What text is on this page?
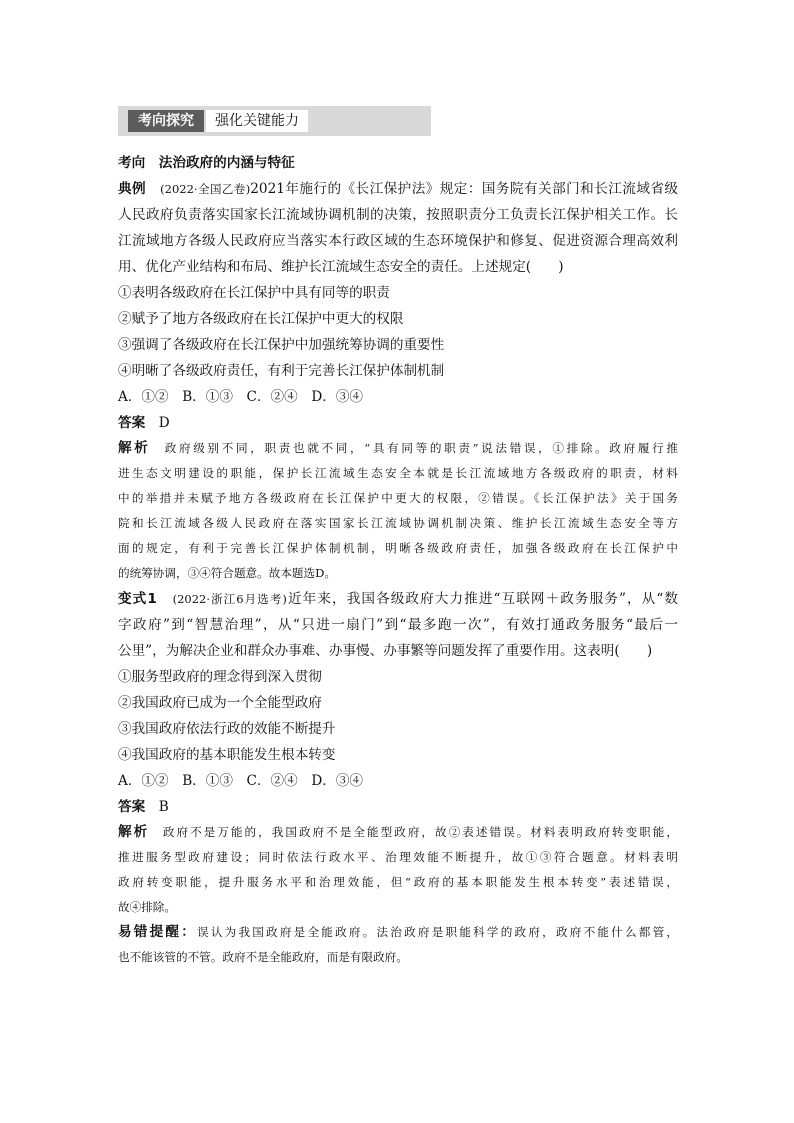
考向探究	强化关键能力
考向　 法治政府的内涵与特征
典例　 (2022·全国乙卷)2021年施行的《长江保护法》规定：国务院有关部门和长江流域省级
人民政府负责落实国家长江流域协调机制的决策，按照职责分工负责长江保护相关工作。长
江流域地方各级人民政府应当落实本行政区域的生态环境保护和修复、促进资源合理高效利
用、优化产业结构和布局、维护长江流域生态安全的责任。上述规定(　　)
①表明各级政府在长江保护中具有同等的职责
②赋予了地方各级政府在长江保护中更大的权限
③强调了各级政府在长江保护中加强统筹协调的重要性
④明晰了各级政府责任，有利于完善长江保护体制机制
A．①②　B．①③　C．②④　D．③④
答案　 D
解析　 政府级别不同，职责也就不同，“具有同等的职责”说法错误，①排除。政府履行推
进生态文明建设的职能，保护长江流域生态安全本就是长江流域地方各级政府的职责，材料
中的举措并未赋予地方各级政府在长江保护中更大的权限，②错误。《长江保护法》关于国务
院和长江流域各级人民政府在落实国家长江流域协调机制决策、维护长江流域生态安全等方
面的规定，有利于完善长江保护体制机制，明晰各级政府责任，加强各级政府在长江保护中
的统筹协调，③④符合题意。故本题选D。
变式1　 (2022·浙江6月选考)近年来，我国各级政府大力推进“互联网＋政务服务”，从“数
字政府”到“智慧治理”，从“只进一扇门”到“最多跑一次”，有效打通政务服务“最后一
公里”，为解决企业和群众办事难、办事慢、办事繁等问题发挥了重要作用。这表明(　　)
①服务型政府的理念得到深入贯彻
②我国政府已成为一个全能型政府
③我国政府依法行政的效能不断提升
④我国政府的基本职能发生根本转变
A．①②　B．①③　C．②④　D．③④
答案　 B
解析　 政府不是万能的，我国政府不是全能型政府，故②表述错误。材料表明政府转变职能，
推进服务型政府建设；同时依法行政水平、治理效能不断提升，故①③符合题意。材料表明
政府转变职能，提升服务水平和治理效能，但“政府的基本职能发生根本转变”表述错误，
故④排除。
易错提醒：误认为我国政府是全能政府。法治政府是职能科学的政府，政府不能什么都管，
也不能该管的不管。政府不是全能政府，而是有限政府。
